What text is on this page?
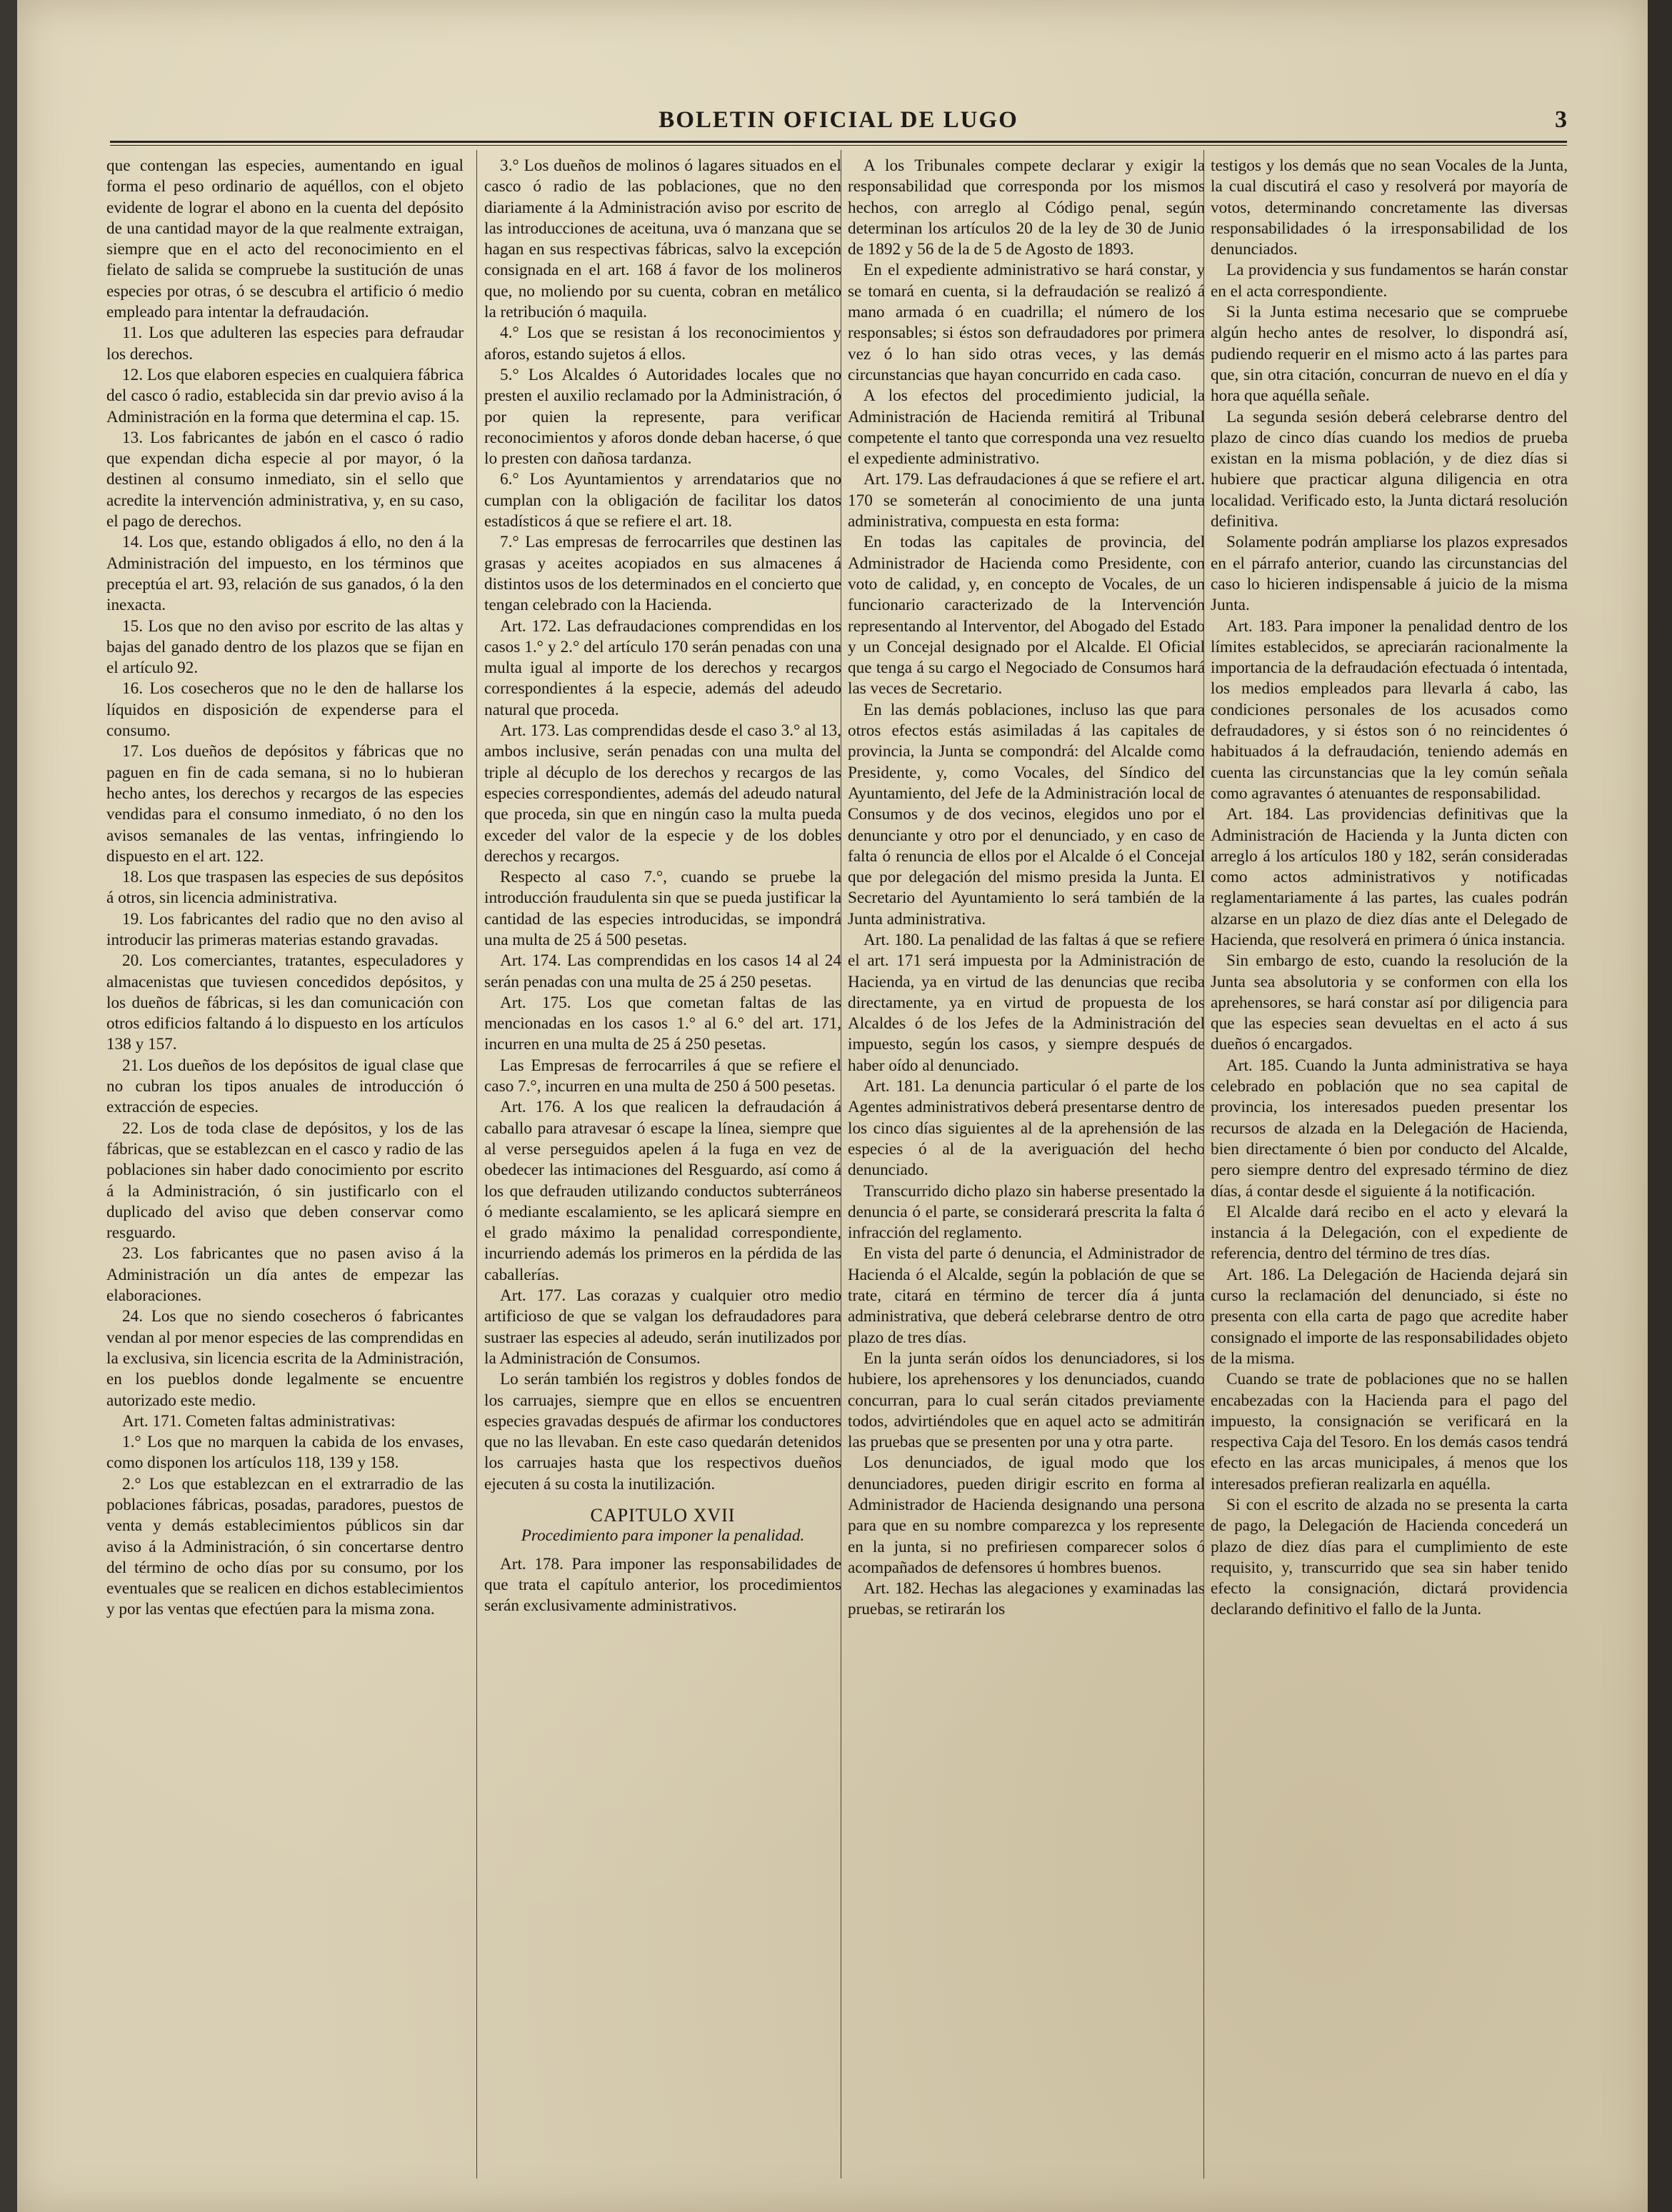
BOLETIN OFICIAL DE LUGO	3

que contengan las especies, aumentando en igual forma el peso ordinario de aquéllos, con el objeto evidente de lograr el abono en la cuenta del depósito de una cantidad mayor de la que realmente extraigan, siempre que en el acto del reconocimiento en el fielato de salida se compruebe la sustitución de unas especies por otras, ó se descubra el artificio ó medio empleado para intentar la defraudación.

11. Los que adulteren las especies para defraudar los derechos.

12. Los que elaboren especies en cualquiera fábrica del casco ó radio, establecida sin dar previo aviso á la Administración en la forma que determina el cap. 15.

13. Los fabricantes de jabón en el casco ó radio que expendan dicha especie al por mayor, ó la destinen al consumo inmediato, sin el sello que acredite la intervención administrativa, y, en su caso, el pago de derechos.

14. Los que, estando obligados á ello, no den á la Administración del impuesto, en los términos que preceptúa el art. 93, relación de sus ganados, ó la den inexacta.

15. Los que no den aviso por escrito de las altas y bajas del ganado dentro de los plazos que se fijan en el artículo 92.

16. Los cosecheros que no le den de hallarse los líquidos en disposición de expenderse para el consumo.

17. Los dueños de depósitos y fábricas que no paguen en fin de cada semana, si no lo hubieran hecho antes, los derechos y recargos de las especies vendidas para el consumo inmediato, ó no den los avisos semanales de las ventas, infringiendo lo dispuesto en el art. 122.

18. Los que traspasen las especies de sus depósitos á otros, sin licencia administrativa.

19. Los fabricantes del radio que no den aviso al introducir las primeras materias estando gravadas.

20. Los comerciantes, tratantes, especuladores y almacenistas que tuviesen concedidos depósitos, y los dueños de fábricas, si les dan comunicación con otros edificios faltando á lo dispuesto en los artículos 138 y 157.

21. Los dueños de los depósitos de igual clase que no cubran los tipos anuales de introducción ó extracción de especies.

22. Los de toda clase de depósitos, y los de las fábricas, que se establezcan en el casco y radio de las poblaciones sin haber dado conocimiento por escrito á la Administración, ó sin justificarlo con el duplicado del aviso que deben conservar como resguardo.

23. Los fabricantes que no pasen aviso á la Administración un día antes de empezar las elaboraciones.

24. Los que no siendo cosecheros ó fabricantes vendan al por menor especies de las comprendidas en la exclusiva, sin licencia escrita de la Administración, en los pueblos donde legalmente se encuentre autorizado este medio.

Art. 171. Cometen faltas administrativas:

1.° Los que no marquen la cabida de los envases, como disponen los artículos 118, 139 y 158.

2.° Los que establezcan en el extrarradio de las poblaciones fábricas, posadas, paradores, puestos de venta y demás establecimientos públicos sin dar aviso á la Administración, ó sin concertarse dentro del término de ocho días por su consumo, por los eventuales que se realicen en dichos establecimientos y por las ventas que efectúen para la misma zona.

3.° Los dueños de molinos ó lagares situados en el casco ó radio de las poblaciones, que no den diariamente á la Administración aviso por escrito de las introducciones de aceituna, uva ó manzana que se hagan en sus respectivas fábricas, salvo la excepción consignada en el art. 168 á favor de los molineros que, no moliendo por su cuenta, cobran en metálico la retribución ó maquila.

4.° Los que se resistan á los reconocimientos y aforos, estando sujetos á ellos.

5.° Los Alcaldes ó Autoridades locales que no presten el auxilio reclamado por la Administración, ó por quien la represente, para verificar reconocimientos y aforos donde deban hacerse, ó que lo presten con dañosa tardanza.

6.° Los Ayuntamientos y arrendatarios que no cumplan con la obligación de facilitar los datos estadísticos á que se refiere el art. 18.

7.° Las empresas de ferrocarriles que destinen las grasas y aceites acopiados en sus almacenes á distintos usos de los determinados en el concierto que tengan celebrado con la Hacienda.

Art. 172. Las defraudaciones comprendidas en los casos 1.° y 2.° del artículo 170 serán penadas con una multa igual al importe de los derechos y recargos correspondientes á la especie, además del adeudo natural que proceda.

Art. 173. Las comprendidas desde el caso 3.° al 13, ambos inclusive, serán penadas con una multa del triple al décuplo de los derechos y recargos de las especies correspondientes, además del adeudo natural que proceda, sin que en ningún caso la multa pueda exceder del valor de la especie y de los dobles derechos y recargos.

Respecto al caso 7.°, cuando se pruebe la introducción fraudulenta sin que se pueda justificar la cantidad de las especies introducidas, se impondrá una multa de 25 á 500 pesetas.

Art. 174. Las comprendidas en los casos 14 al 24 serán penadas con una multa de 25 á 250 pesetas.

Art. 175. Los que cometan faltas de las mencionadas en los casos 1.° al 6.° del art. 171, incurren en una multa de 25 á 250 pesetas.

Las Empresas de ferrocarriles á que se refiere el caso 7.°, incurren en una multa de 250 á 500 pesetas.

Art. 176. A los que realicen la defraudación á caballo para atravesar ó escape la línea, siempre que al verse perseguidos apelen á la fuga en vez de obedecer las intimaciones del Resguardo, así como á los que defrauden utilizando conductos subterráneos ó mediante escalamiento, se les aplicará siempre en el grado máximo la penalidad correspondiente, incurriendo además los primeros en la pérdida de las caballerías.

Art. 177. Las corazas y cualquier otro medio artificioso de que se valgan los defraudadores para sustraer las especies al adeudo, serán inutilizados por la Administración de Consumos.

Lo serán también los registros y dobles fondos de los carruajes, siempre que en ellos se encuentren especies gravadas después de afirmar los conductores que no las llevaban. En este caso quedarán detenidos los carruajes hasta que los respectivos dueños ejecuten á su costa la inutilización.

CAPITULO XVII

Procedimiento para imponer la penalidad.

Art. 178. Para imponer las responsabilidades de que trata el capítulo anterior, los procedimientos serán exclusivamente administrativos.

A los Tribunales compete declarar y exigir la responsabilidad que corresponda por los mismos hechos, con arreglo al Código penal, según determinan los artículos 20 de la ley de 30 de Junio de 1892 y 56 de la de 5 de Agosto de 1893.

En el expediente administrativo se hará constar, y se tomará en cuenta, si la defraudación se realizó á mano armada ó en cuadrilla; el número de los responsables; si éstos son defraudadores por primera vez ó lo han sido otras veces, y las demás circunstancias que hayan concurrido en cada caso.

A los efectos del procedimiento judicial, la Administración de Hacienda remitirá al Tribunal competente el tanto que corresponda una vez resuelto el expediente administrativo.

Art. 179. Las defraudaciones á que se refiere el art. 170 se someterán al conocimiento de una junta administrativa, compuesta en esta forma:

En todas las capitales de provincia, del Administrador de Hacienda como Presidente, con voto de calidad, y, en concepto de Vocales, de un funcionario caracterizado de la Intervención representando al Interventor, del Abogado del Estado y un Concejal designado por el Alcalde. El Oficial que tenga á su cargo el Negociado de Consumos hará las veces de Secretario.

En las demás poblaciones, incluso las que para otros efectos estás asimiladas á las capitales de provincia, la Junta se compondrá: del Alcalde como Presidente, y, como Vocales, del Síndico del Ayuntamiento, del Jefe de la Administración local de Consumos y de dos vecinos, elegidos uno por el denunciante y otro por el denunciado, y en caso de falta ó renuncia de ellos por el Alcalde ó el Concejal que por delegación del mismo presida la Junta. El Secretario del Ayuntamiento lo será también de la Junta administrativa.

Art. 180. La penalidad de las faltas á que se refiere el art. 171 será impuesta por la Administración de Hacienda, ya en virtud de las denuncias que reciba directamente, ya en virtud de propuesta de los Alcaldes ó de los Jefes de la Administración del impuesto, según los casos, y siempre después de haber oído al denunciado.

Art. 181. La denuncia particular ó el parte de los Agentes administrativos deberá presentarse dentro de los cinco días siguientes al de la aprehensión de las especies ó al de la averiguación del hecho denunciado.

Transcurrido dicho plazo sin haberse presentado la denuncia ó el parte, se considerará prescrita la falta ó infracción del reglamento.

En vista del parte ó denuncia, el Administrador de Hacienda ó el Alcalde, según la población de que se trate, citará en término de tercer día á junta administrativa, que deberá celebrarse dentro de otro plazo de tres días.

En la junta serán oídos los denunciadores, si los hubiere, los aprehensores y los denunciados, cuando concurran, para lo cual serán citados previamente todos, advirtiéndoles que en aquel acto se admitirán las pruebas que se presenten por una y otra parte.

Los denunciados, de igual modo que los denunciadores, pueden dirigir escrito en forma al Administrador de Hacienda designando una persona para que en su nombre comparezca y los represente en la junta, si no prefiriesen comparecer solos ó acompañados de defensores ú hombres buenos.

Art. 182. Hechas las alegaciones y examinadas las pruebas, se retirarán los

testigos y los demás que no sean Vocales de la Junta, la cual discutirá el caso y resolverá por mayoría de votos, determinando concretamente las diversas responsabilidades ó la irresponsabilidad de los denunciados.

La providencia y sus fundamentos se harán constar en el acta correspondiente.

Si la Junta estima necesario que se compruebe algún hecho antes de resolver, lo dispondrá así, pudiendo requerir en el mismo acto á las partes para que, sin otra citación, concurran de nuevo en el día y hora que aquélla señale.

La segunda sesión deberá celebrarse dentro del plazo de cinco días cuando los medios de prueba existan en la misma población, y de diez días si hubiere que practicar alguna diligencia en otra localidad. Verificado esto, la Junta dictará resolución definitiva.

Solamente podrán ampliarse los plazos expresados en el párrafo anterior, cuando las circunstancias del caso lo hicieren indispensable á juicio de la misma Junta.

Art. 183. Para imponer la penalidad dentro de los límites establecidos, se apreciarán racionalmente la importancia de la defraudación efectuada ó intentada, los medios empleados para llevarla á cabo, las condiciones personales de los acusados como defraudadores, y si éstos son ó no reincidentes ó habituados á la defraudación, teniendo además en cuenta las circunstancias que la ley común señala como agravantes ó atenuantes de responsabilidad.

Art. 184. Las providencias definitivas que la Administración de Hacienda y la Junta dicten con arreglo á los artículos 180 y 182, serán consideradas como actos administrativos y notificadas reglamentariamente á las partes, las cuales podrán alzarse en un plazo de diez días ante el Delegado de Hacienda, que resolverá en primera ó única instancia.

Sin embargo de esto, cuando la resolución de la Junta sea absolutoria y se conformen con ella los aprehensores, se hará constar así por diligencia para que las especies sean devueltas en el acto á sus dueños ó encargados.

Art. 185. Cuando la Junta administrativa se haya celebrado en población que no sea capital de provincia, los interesados pueden presentar los recursos de alzada en la Delegación de Hacienda, bien directamente ó bien por conducto del Alcalde, pero siempre dentro del expresado término de diez días, á contar desde el siguiente á la notificación.

El Alcalde dará recibo en el acto y elevará la instancia á la Delegación, con el expediente de referencia, dentro del término de tres días.

Art. 186. La Delegación de Hacienda dejará sin curso la reclamación del denunciado, si éste no presenta con ella carta de pago que acredite haber consignado el importe de las responsabilidades objeto de la misma.

Cuando se trate de poblaciones que no se hallen encabezadas con la Hacienda para el pago del impuesto, la consignación se verificará en la respectiva Caja del Tesoro. En los demás casos tendrá efecto en las arcas municipales, á menos que los interesados prefieran realizarla en aquélla.

Si con el escrito de alzada no se presenta la carta de pago, la Delegación de Hacienda concederá un plazo de diez días para el cumplimiento de este requisito, y, transcurrido que sea sin haber tenido efecto la consignación, dictará providencia declarando definitivo el fallo de la Junta.
